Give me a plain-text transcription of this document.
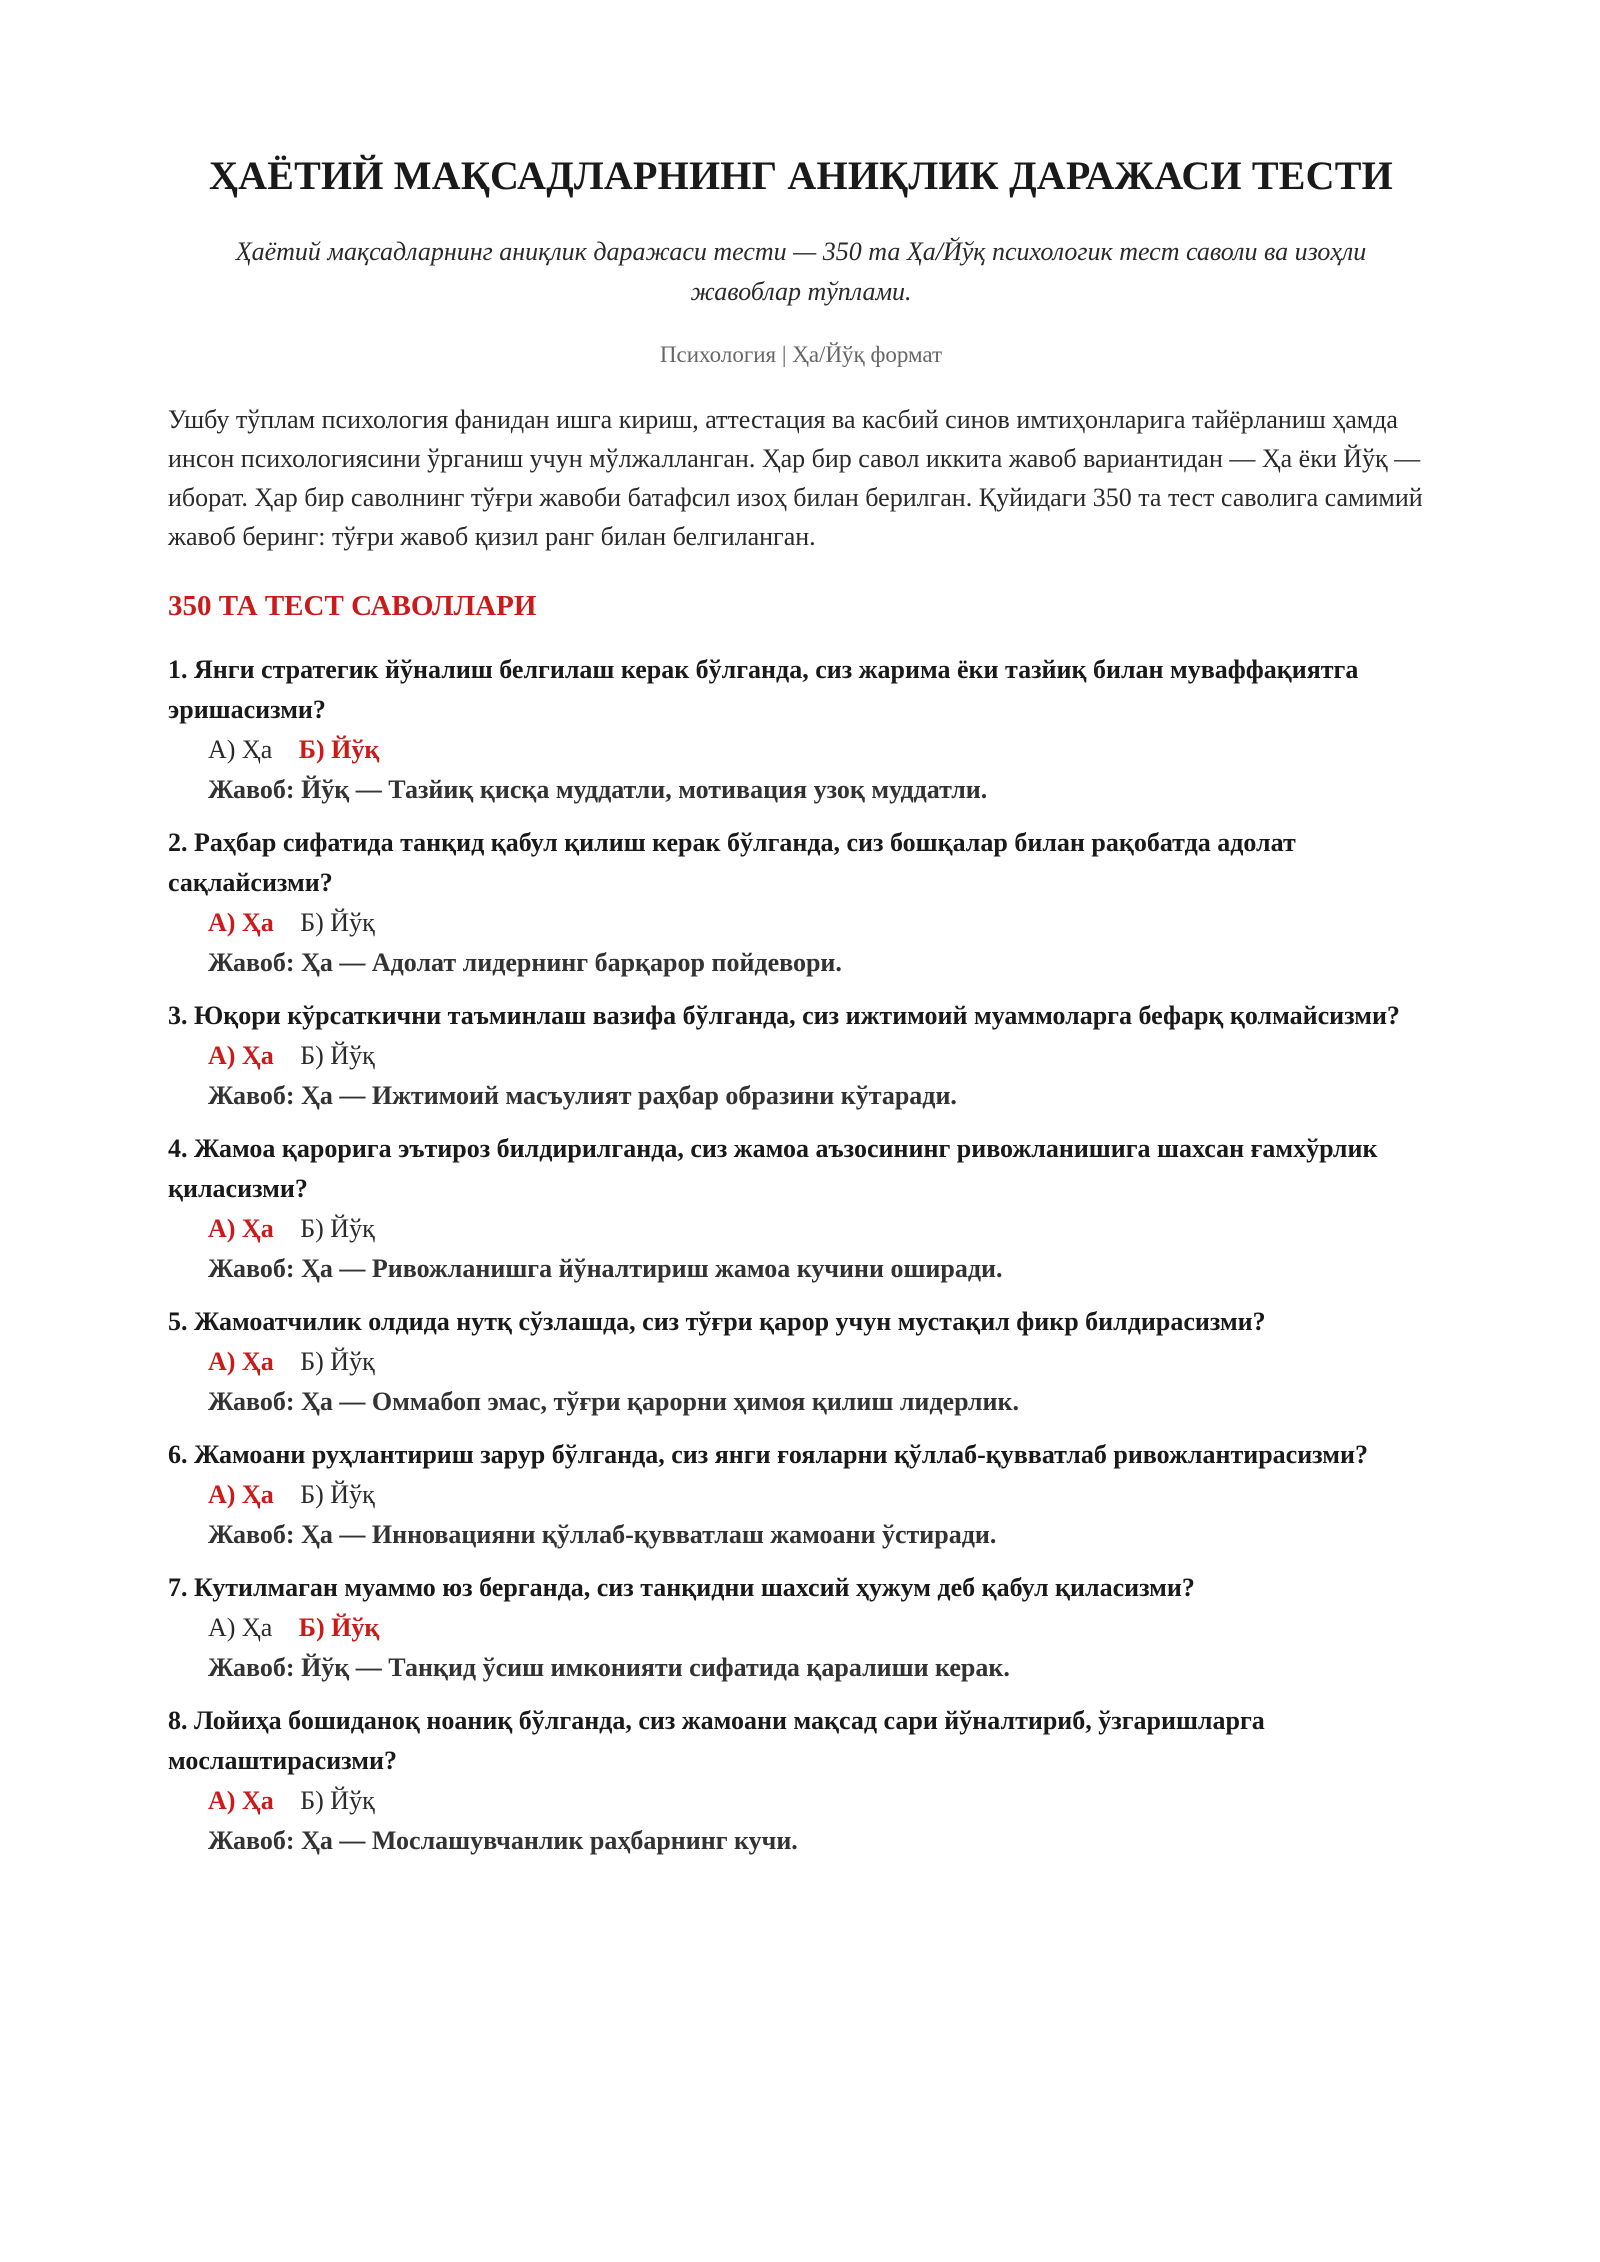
ҲАЁТИЙ МАҚСАДЛАРНИНГ АНИҚЛИК ДАРАЖАСИ ТЕСТИ
Ҳаётий мақсадларнинг аниқлик даражаси тести — 350 та Ҳа/Йўқ психологик тест саволи ва изоҳли жавоблар тўплами.
Психология | Ҳа/Йўқ формат
Ушбу тўплам психология фанидан ишга кириш, аттестация ва касбий синов имтиҳонларига тайёрланиш ҳамда инсон психологиясини ўрганиш учун мўлжалланган. Ҳар бир савол иккита жавоб вариантидан — Ҳа ёки Йўқ — иборат. Ҳар бир саволнинг тўғри жавоби батафсил изоҳ билан берилган. Қуйидаги 350 та тест саволига самимий жавоб беринг: тўғри жавоб қизил ранг билан белгиланган.
350 ТА ТЕСТ САВОЛЛАРИ
1. Янги стратегик йўналиш белгилаш керак бўлганда, сиз жарима ёки тазйиқ билан муваффақиятга эришасизми?
А) Ҳа Б) Йўқ
Жавоб: Йўқ — Тазйиқ қисқа муддатли, мотивация узоқ муддатли.
2. Раҳбар сифатида танқид қабул қилиш керак бўлганда, сиз бошқалар билан рақобатда адолат сақлайсизми?
А) Ҳа Б) Йўқ
Жавоб: Ҳа — Адолат лидернинг барқарор пойдевори.
3. Юқори кўрсаткични таъминлаш вазифа бўлганда, сиз ижтимоий муаммоларга бефарқ қолмайсизми?
А) Ҳа Б) Йўқ
Жавоб: Ҳа — Ижтимоий масъулият раҳбар образини кўтаради.
4. Жамоа қарорига эътироз билдирилганда, сиз жамоа аъзосининг ривожланишига шахсан ғамхўрлик қиласизми?
А) Ҳа Б) Йўқ
Жавоб: Ҳа — Ривожланишга йўналтириш жамоа кучини оширади.
5. Жамоатчилик олдида нутқ сўзлашда, сиз тўғри қарор учун мустақил фикр билдирасизми?
А) Ҳа Б) Йўқ
Жавоб: Ҳа — Оммабоп эмас, тўғри қарорни ҳимоя қилиш лидерлик.
6. Жамоани руҳлантириш зарур бўлганда, сиз янги ғояларни қўллаб-қувватлаб ривожлантирасизми?
А) Ҳа Б) Йўқ
Жавоб: Ҳа — Инновацияни қўллаб-қувватлаш жамоани ўстиради.
7. Кутилмаган муаммо юз берганда, сиз танқидни шахсий ҳужум деб қабул қиласизми?
А) Ҳа Б) Йўқ
Жавоб: Йўқ — Танқид ўсиш имконияти сифатида қаралиши керак.
8. Лойиҳа бошиданоқ ноаниқ бўлганда, сиз жамоани мақсад сари йўналтириб, ўзгаришларга мослаштирасизми?
А) Ҳа Б) Йўқ
Жавоб: Ҳа — Мослашувчанлик раҳбарнинг кучи.
